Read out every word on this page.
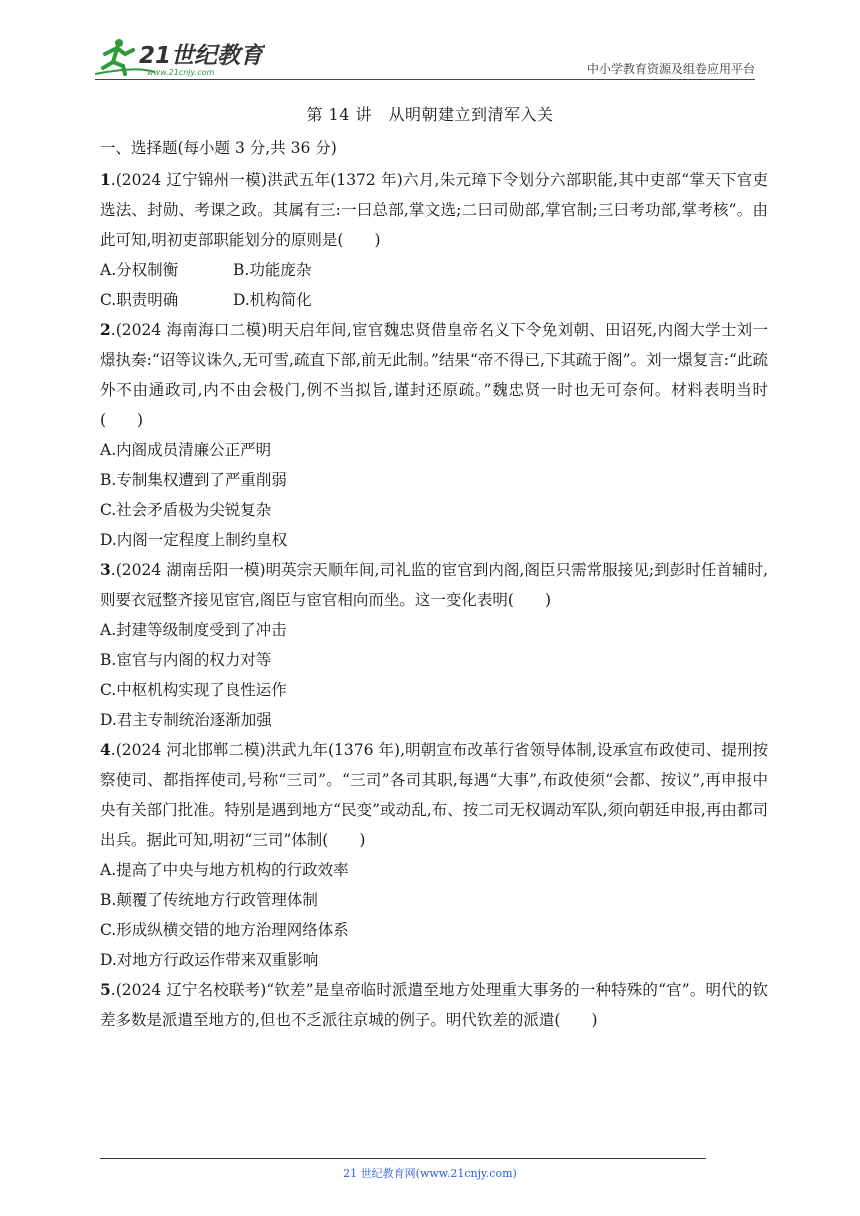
21世纪教育
www.21cnjy.com	中小学教育资源及组卷应用平台
第 14 讲　从明朝建立到清军入关

一、选择题(每小题 3 分,共 36 分)

1.(2024 辽宁锦州一模)洪武五年(1372 年)六月,朱元璋下令划分六部职能,其中吏部“掌天下官吏选法、封勋、考课之政。其属有三:一曰总部,掌文选;二曰司勋部,掌官制;三曰考功部,掌考核”。由此可知,明初吏部职能划分的原则是(　　)

A.分权制衡	B.功能庞杂

C.职责明确	D.机构简化

2.(2024 海南海口二模)明天启年间,宦官魏忠贤借皇帝名义下令免刘朝、田诏死,内阁大学士刘一燝执奏:“诏等议诛久,无可雪,疏直下部,前无此制。”结果“帝不得已,下其疏于阁”。刘一燝复言:“此疏外不由通政司,内不由会极门,例不当拟旨,谨封还原疏。”魏忠贤一时也无可奈何。材料表明当时(　　)

A.内阁成员清廉公正严明

B.专制集权遭到了严重削弱

C.社会矛盾极为尖锐复杂

D.内阁一定程度上制约皇权

3.(2024 湖南岳阳一模)明英宗天顺年间,司礼监的宦官到内阁,阁臣只需常服接见;到彭时任首辅时,则要衣冠整齐接见宦官,阁臣与宦官相向而坐。这一变化表明(　　)

A.封建等级制度受到了冲击

B.宦官与内阁的权力对等

C.中枢机构实现了良性运作

D.君主专制统治逐渐加强

4.(2024 河北邯郸二模)洪武九年(1376 年),明朝宣布改革行省领导体制,设承宣布政使司、提刑按察使司、都指挥使司,号称“三司”。“三司”各司其职,每遇“大事”,布政使须“会都、按议”,再申报中央有关部门批准。特别是遇到地方“民变”或动乱,布、按二司无权调动军队,须向朝廷申报,再由都司出兵。据此可知,明初“三司”体制(　　)

A.提高了中央与地方机构的行政效率

B.颠覆了传统地方行政管理体制

C.形成纵横交错的地方治理网络体系

D.对地方行政运作带来双重影响

5.(2024 辽宁名校联考)“钦差”是皇帝临时派遣至地方处理重大事务的一种特殊的“官”。明代的钦差多数是派遣至地方的,但也不乏派往京城的例子。明代钦差的派遣(　　)

21 世纪教育网(www.21cnjy.com)
